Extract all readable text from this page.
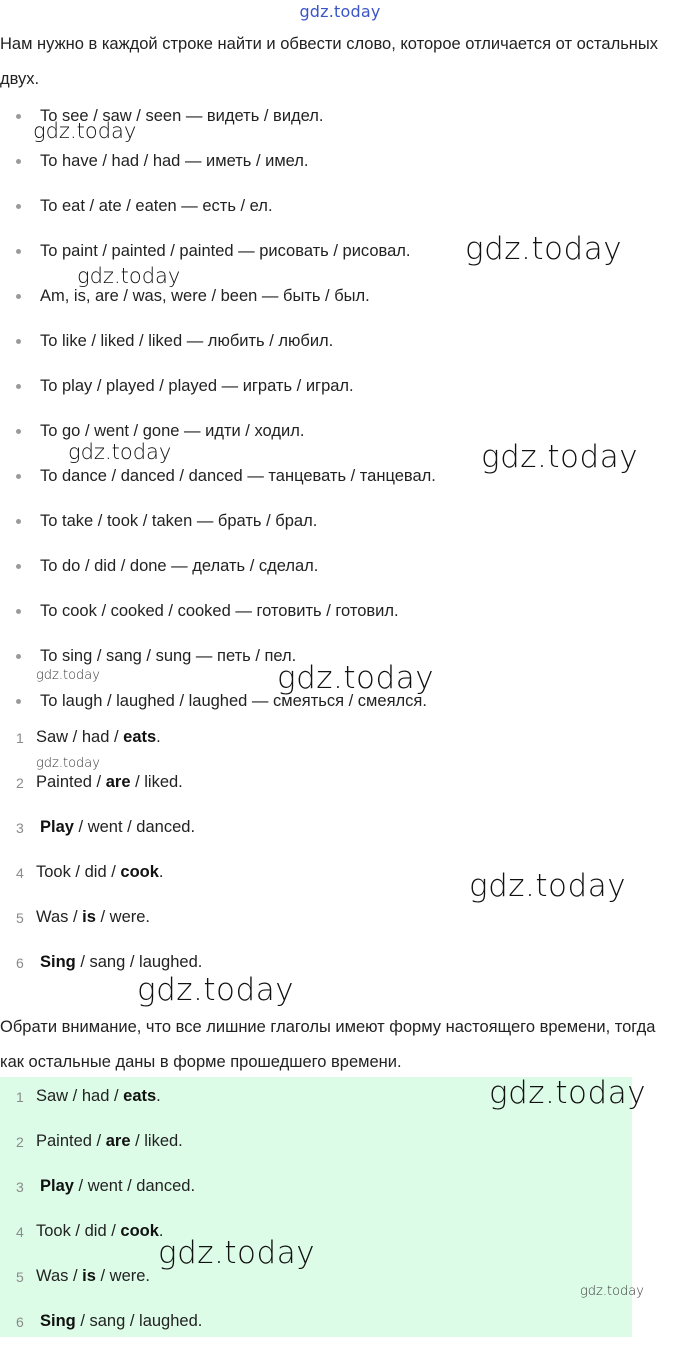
gdz.today

Нам нужно в каждой строке найти и обвести слово, которое отличается от остальных двух.

To see / saw / seen — видеть / видел.
To have / had / had — иметь / имел.
To eat / ate / eaten — есть / ел.
To paint / painted / painted — рисовать / рисовал.
Am, is, are / was, were / been — быть / был.
To like / liked / liked — любить / любил.
To play / played / played — играть / играл.
To go / went / gone — идти / ходил.
To dance / danced / danced — танцевать / танцевал.
To take / took / taken — брать / брал.
To do / did / done — делать / сделал.
To cook / cooked / cooked — готовить / готовил.
To sing / sang / sung — петь / пел.
To laugh / laughed / laughed — смеяться / смеялся.
1 Saw / had / eats.
2 Painted / are / liked.
3 Play / went / danced.
4 Took / did / cook.
5 Was / is / were.
6 Sing / sang / laughed.

Обрати внимание, что все лишние глаголы имеют форму настоящего времени, тогда как остальные даны в форме прошедшего времени.

1 Saw / had / eats.
2 Painted / are / liked.
3 Play / went / danced.
4 Took / did / cook.
5 Was / is / were.
6 Sing / sang / laughed.
gdz.today
gdz.today
gdz.today
gdz.today	gdz.today
gdz.today
gdz.today
gdz.today
gdz.today
gdz.today
gdz.today
gdz.today
gdz.today
